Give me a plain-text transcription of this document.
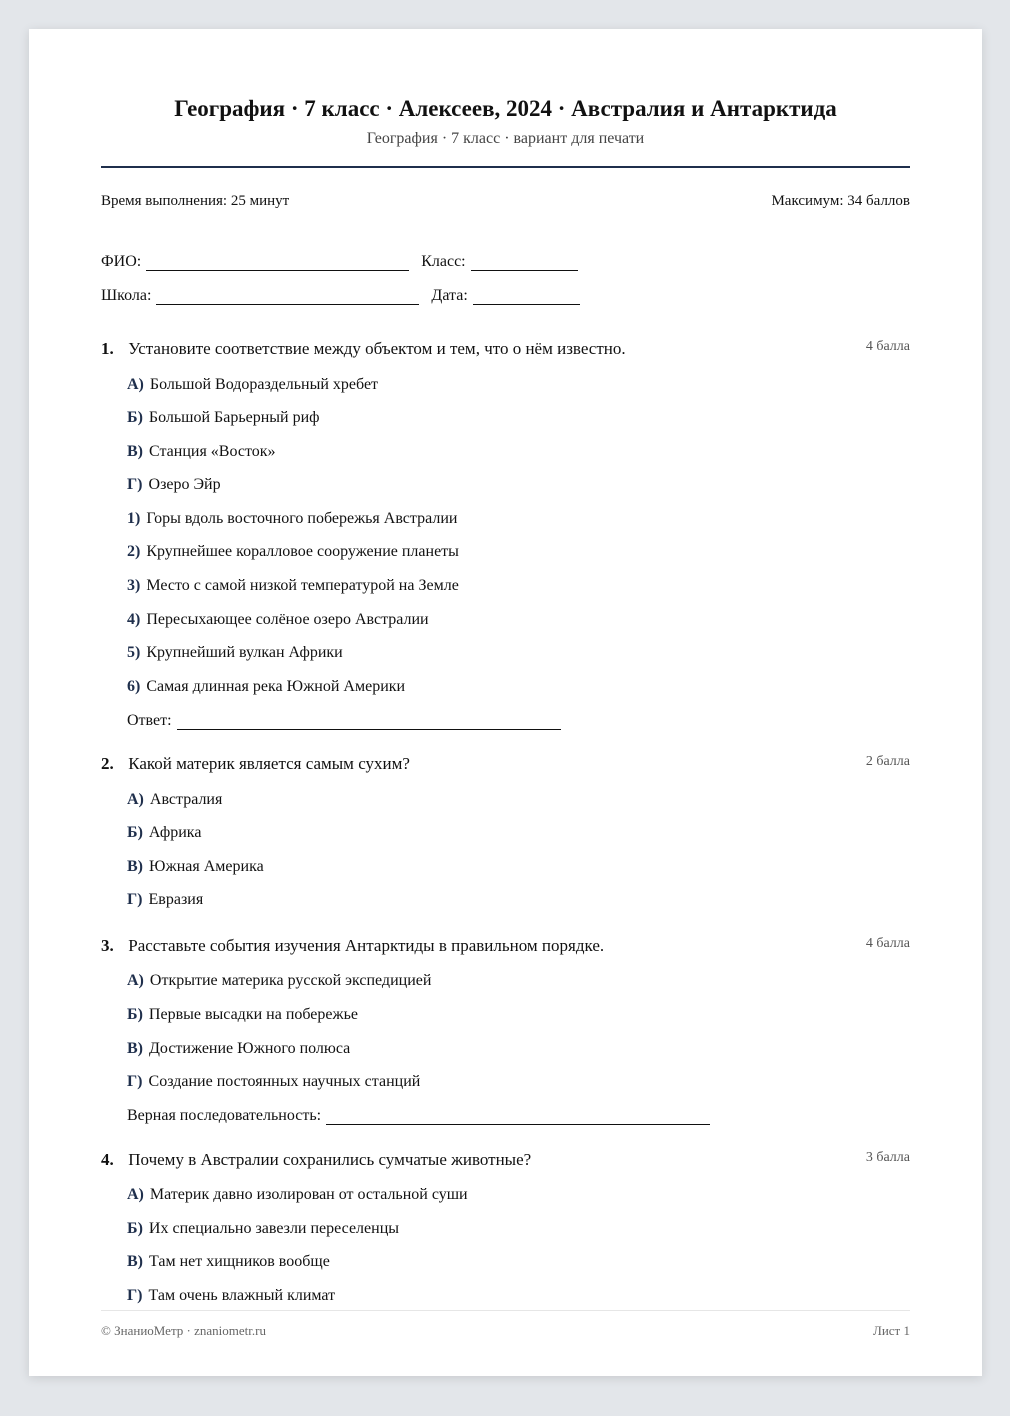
География · 7 класс · Алексеев, 2024 · Австралия и Антарктида
География · 7 класс · вариант для печати
Время выполнения: 25 минут	Максимум: 34 баллов
ФИО:	Класс:
Школа:	Дата:
1. Установите соответствие между объектом и тем, что о нём известно.	4 балла
А) Большой Водораздельный хребет
Б) Большой Барьерный риф
В) Станция «Восток»
Г) Озеро Эйр
1) Горы вдоль восточного побережья Австралии
2) Крупнейшее коралловое сооружение планеты
3) Место с самой низкой температурой на Земле
4) Пересыхающее солёное озеро Австралии
5) Крупнейший вулкан Африки
6) Самая длинная река Южной Америки
Ответ:
2. Какой материк является самым сухим?	2 балла
А) Австралия
Б) Африка
В) Южная Америка
Г) Евразия
3. Расставьте события изучения Антарктиды в правильном порядке.	4 балла
А) Открытие материка русской экспедицией
Б) Первые высадки на побережье
В) Достижение Южного полюса
Г) Создание постоянных научных станций
Верная последовательность:
4. Почему в Австралии сохранились сумчатые животные?	3 балла
А) Материк давно изолирован от остальной суши
Б) Их специально завезли переселенцы
В) Там нет хищников вообще
Г) Там очень влажный климат
© ЗнаниоМетр · znaniometr.ru	Лист 1
